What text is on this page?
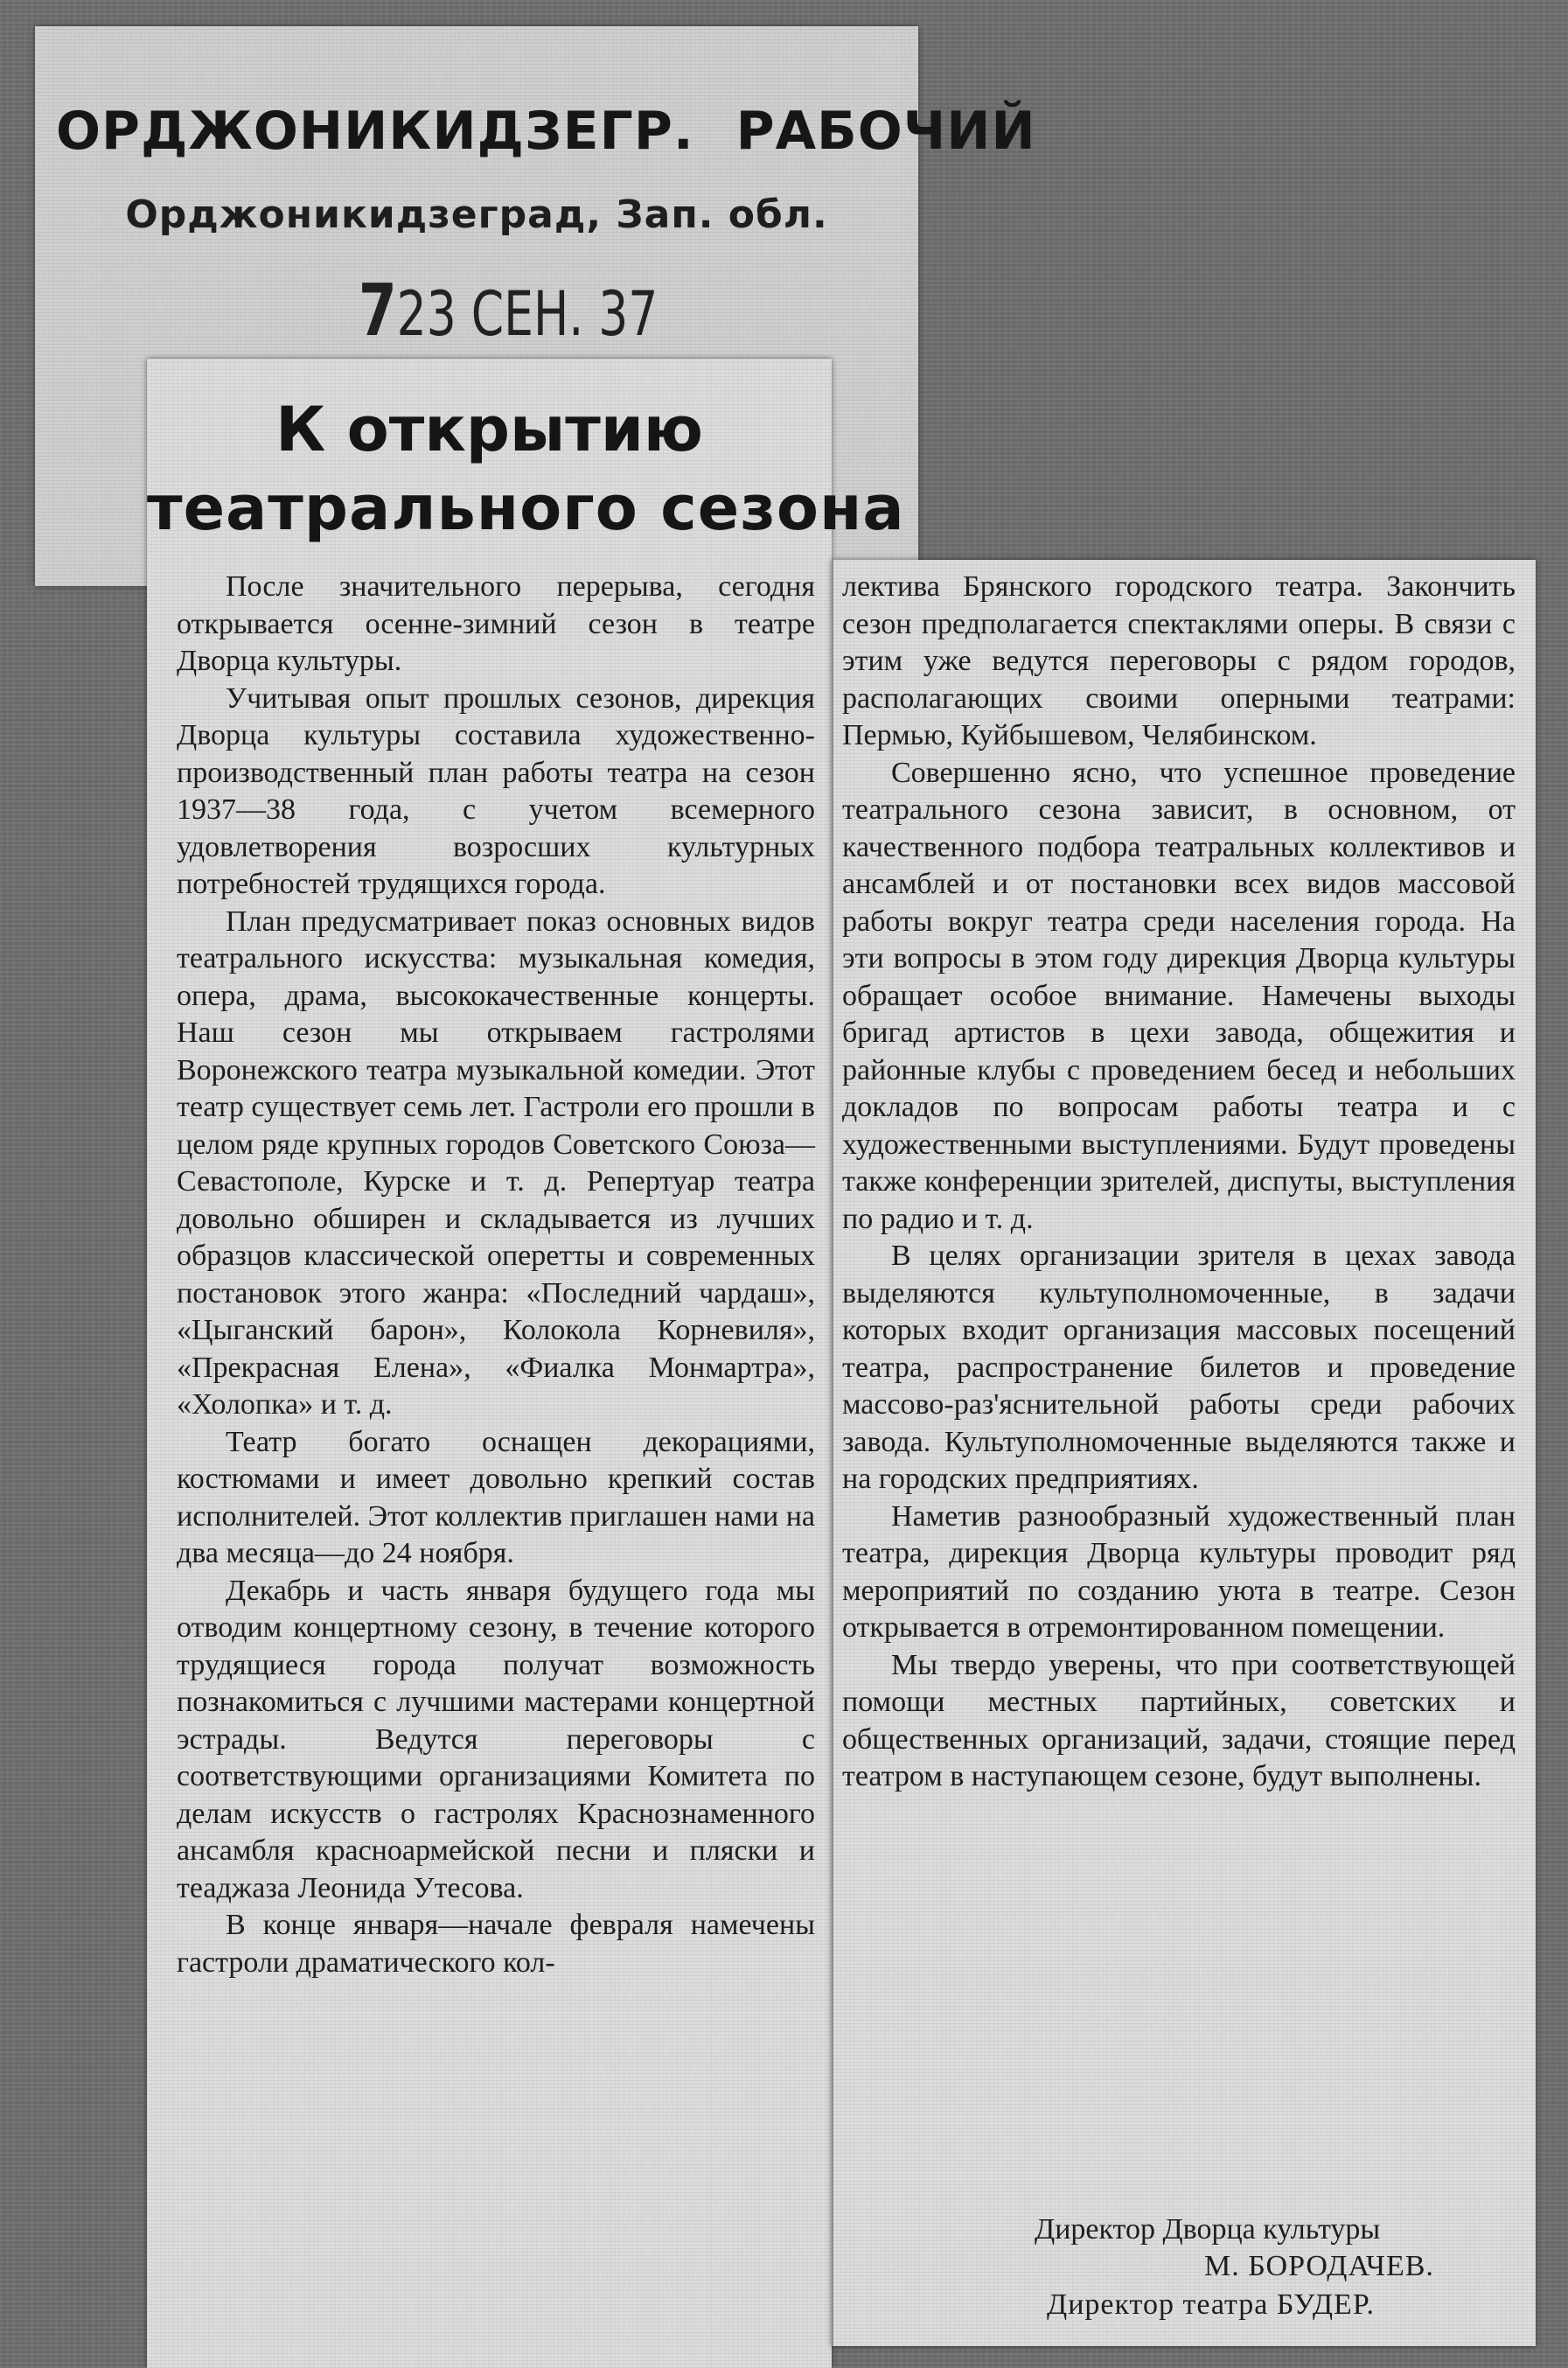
ОРДЖОНИКИДЗЕГР. РАБОЧИЙ
Орджоникидзеград, Зап. обл.
723 СЕН. 37
К открытию
театрального сезона

После значительного перерыва, сегодня открывается осенне-зимний сезон в театре Дворца культуры.

Учитывая опыт прошлых сезонов, дирекция Дворца культуры составила художественно-производственный план работы театра на сезон 1937—38 года, с учетом всемерного удовлетворения возросших культурных потребностей трудящихся города.

План предусматривает показ основных видов театрального искусства: музыкальная комедия, опера, драма, высококачественные концерты. Наш сезон мы открываем гастролями Воронежского театра музыкальной комедии. Этот театр существует семь лет. Гастроли его прошли в целом ряде крупных городов Советского Союза—Севастополе, Курске и т. д. Репертуар театра довольно обширен и складывается из лучших образцов классической оперетты и современных постановок этого жанра: «Последний чардаш», «Цыганский барон», Колокола Корневиля», «Прекрасная Елена», «Фиалка Монмартра», «Холопка» и т. д.

Театр богато оснащен декорациями, костюмами и имеет довольно крепкий состав исполнителей. Этот коллектив приглашен нами на два месяца—до 24 ноября.

Декабрь и часть января будущего года мы отводим концертному сезону, в течение которого трудящиеся города получат возможность познакомиться с лучшими мастерами концертной эстрады. Ведутся переговоры с соответствующими организациями Комитета по делам искусств о гастролях Краснознаменного ансамбля красноармейской песни и пляски и теаджаза Леонида Утесова.

В конце января—начале февраля намечены гастроли драматического кол-

лектива Брянского городского театра. Закончить сезон предполагается спектаклями оперы. В связи с этим уже ведутся переговоры с рядом городов, располагающих своими оперными театрами: Пермью, Куйбышевом, Челябинском.

Совершенно ясно, что успешное проведение театрального сезона зависит, в основном, от качественного подбора театральных коллективов и ансамблей и от постановки всех видов массовой работы вокруг театра среди населения города. На эти вопросы в этом году дирекция Дворца культуры обращает особое внимание. Намечены выходы бригад артистов в цехи завода, общежития и районные клубы с проведением бесед и небольших докладов по вопросам работы театра и с художественными выступлениями. Будут проведены также конференции зрителей, диспуты, выступления по радио и т. д.

В целях организации зрителя в цехах завода выделяются культуполномоченные, в задачи которых входит организация массовых посещений театра, распространение билетов и проведение массово-раз'яснительной работы среди рабочих завода. Культуполномоченные выделяются также и на городских предприятиях.

Наметив разнообразный художественный план театра, дирекция Дворца культуры проводит ряд мероприятий по созданию уюта в театре. Сезон открывается в отремонтированном помещении.

Мы твердо уверены, что при соответствующей помощи местных партийных, советских и общественных организаций, задачи, стоящие перед театром в наступающем сезоне, будут выполнены.

Директор Дворца культуры
М. БОРОДАЧЕВ.
Директор театра БУДЕР.
